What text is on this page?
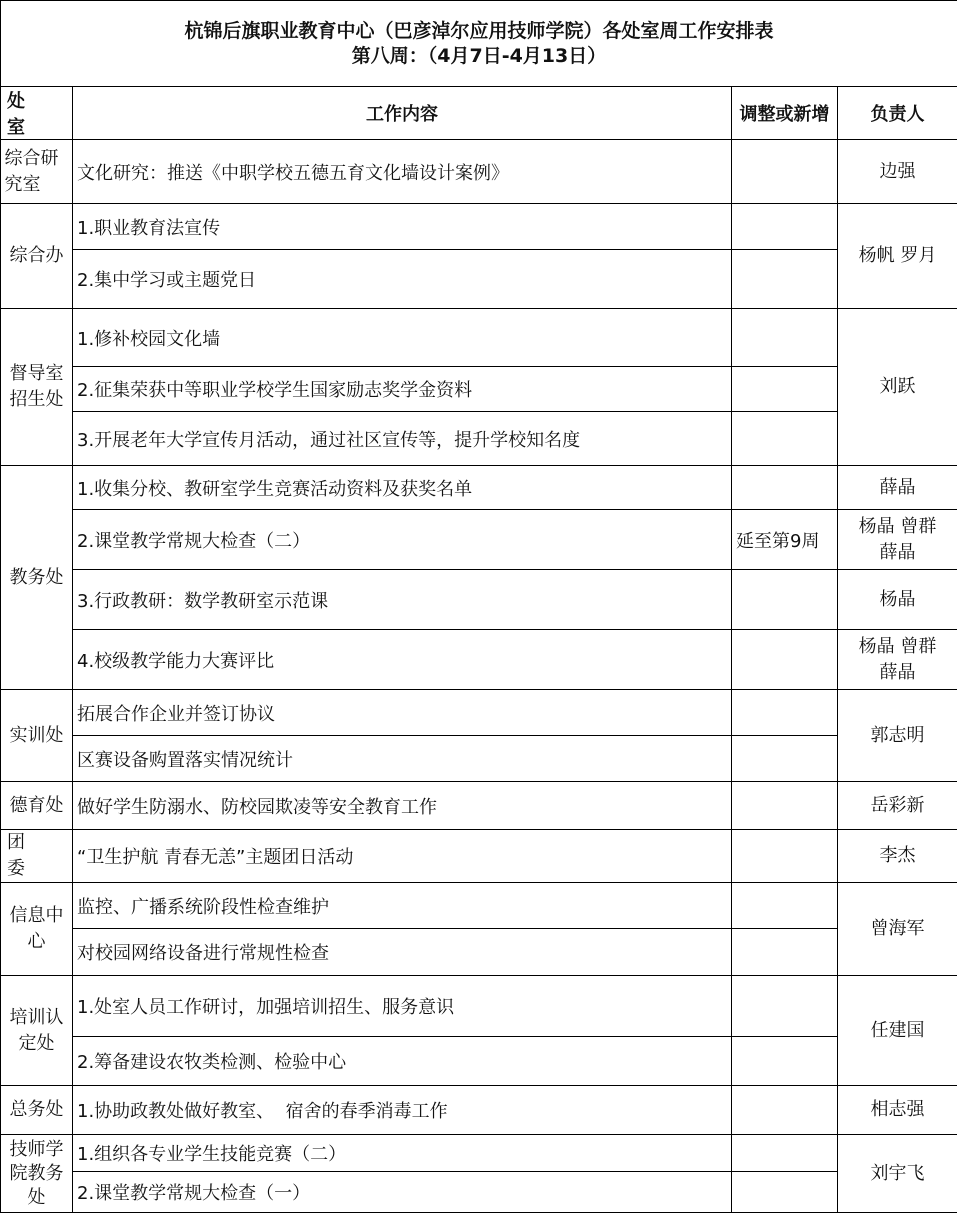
杭锦后旗职业教育中心（巴彦淖尔应用技师学院）各处室周工作安排表
第八周：（4月7日-4月13日）			

处室	工作内容	调整或新增	负责人

综合研究室	文化研究：推送《中职学校五德五育文化墙设计案例》		边强
综合办	1.职业教育法宣传		杨帆 罗月
	2.集中学习或主题党日		

督导室招生处	1.修补校园文化墙		刘跃
	2.征集荣获中等职业学校学生国家励志奖学金资料		
	3.开展老年大学宣传月活动，通过社区宣传等，提升学校知名度		
教务处	1.收集分校、教研室学生竞赛活动资料及获奖名单		薛晶
	2.课堂教学常规大检查（二）	延至第9周	杨晶 曾群 薛晶

	3.行政教研：数学教研室示范课		杨晶
	4.校级教学能力大赛评比		杨晶 曾群 薛晶

实训处	拓展合作企业并签订协议		郭志明
	区赛设备购置落实情况统计		
德育处	做好学生防溺水、防校园欺凌等安全教育工作		岳彩新
团委	“卫生护航 青春无恙”主题团日活动		李杰

信息中心	监控、广播系统阶段性检查维护		曾海军
	对校园网络设备进行常规性检查		

培训认定处	1.处室人员工作研讨，加强培训招生、服务意识		任建国
	2.筹备建设农牧类检测、检验中心		
总务处	1.协助政教处做好教室、  宿舍的春季消毒工作		相志强

技师学院教务处	1.组织各专业学生技能竞赛（二）		刘宇飞
	2.课堂教学常规大检查（一）		
